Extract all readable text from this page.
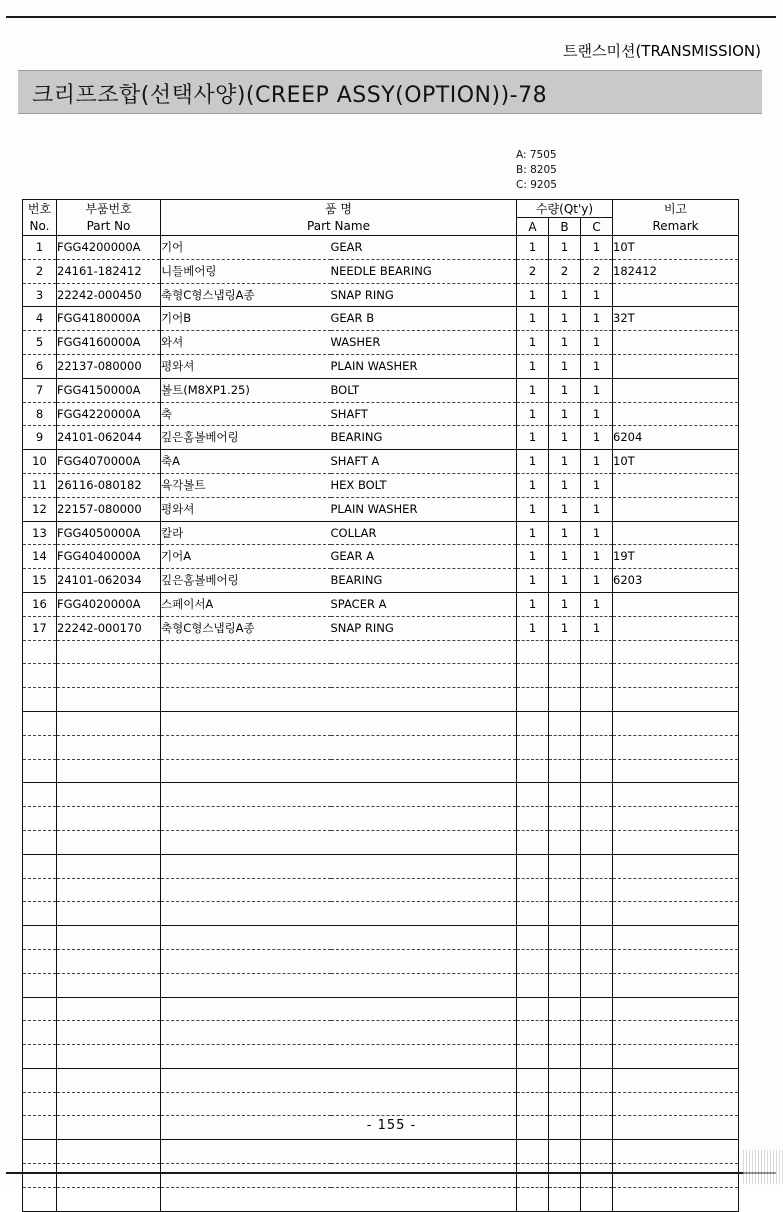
트랜스미션(TRANSMISSION)
크리프조합(선택사양)(CREEP ASSY(OPTION))-78
A: 7505
B: 8205
C: 9205
번호	부품번호	품 명		수량(Qt'y)			비고
No.	Part No	Part Name		A	B	C	Remark
1	FGG4200000A	기어	GEAR	1	1	1	10T
2	24161-182412	니들베어링	NEEDLE BEARING	2	2	2	182412
3	22242-000450	축형C형스냅링A종	SNAP RING	1	1	1	
4	FGG4180000A	기어B	GEAR B	1	1	1	32T
5	FGG4160000A	와셔	WASHER	1	1	1	
6	22137-080000	평와셔	PLAIN WASHER	1	1	1	
7	FGG4150000A	볼트(M8XP1.25)	BOLT	1	1	1	
8	FGG4220000A	축	SHAFT	1	1	1	
9	24101-062044	깊은홈볼베어링	BEARING	1	1	1	6204
10	FGG4070000A	축A	SHAFT A	1	1	1	10T
11	26116-080182	육각볼트	HEX BOLT	1	1	1	
12	22157-080000	평와셔	PLAIN WASHER	1	1	1	
13	FGG4050000A	칼라	COLLAR	1	1	1	
14	FGG4040000A	기어A	GEAR A	1	1	1	19T
15	24101-062034	깊은홈볼베어링	BEARING	1	1	1	6203
16	FGG4020000A	스페이서A	SPACER A	1	1	1	
17	22242-000170	축형C형스냅링A종	SNAP RING	1	1	1	

- 155 -
